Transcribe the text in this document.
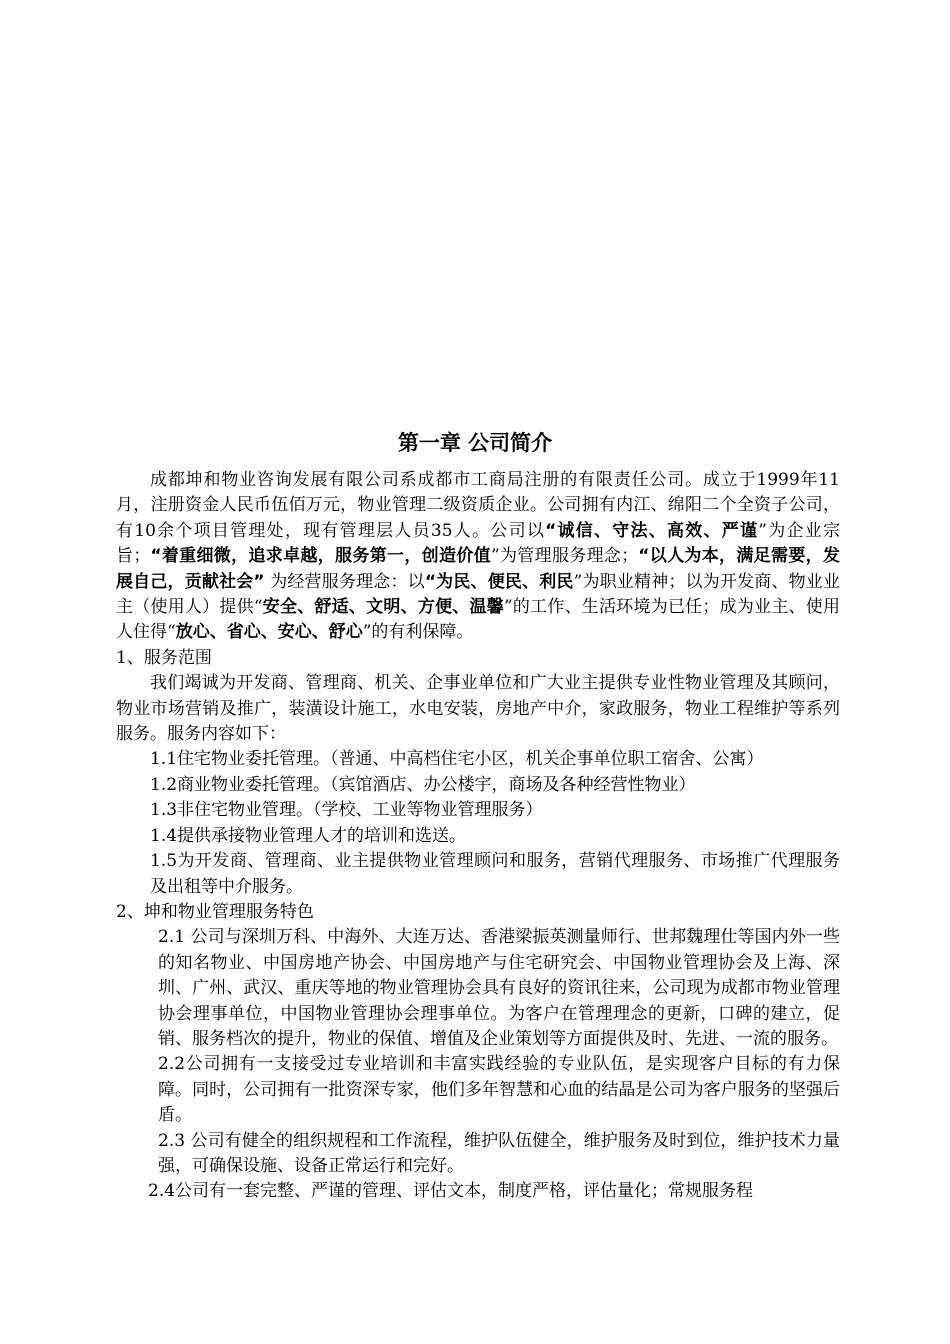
第一章 公司简介

成都坤和物业咨询发展有限公司系成都市工商局注册的有限责任公司。成立于1999年11月，注册资金人民币伍佰万元，物业管理二级资质企业。公司拥有内江、绵阳二个全资子公司，有10余个项目管理处，现有管理层人员35人。公司以“诚信、守法、高效、严谨”为企业宗旨；“着重细微，追求卓越，服务第一，创造价值”为管理服务理念；“以人为本，满足需要，发展自己，贡献社会” 为经营服务理念：以“为民、便民、利民”为职业精神；以为开发商、物业业主（使用人）提供“安全、舒适、文明、方便、温馨”的工作、生活环境为已任；成为业主、使用人住得“放心、省心、安心、舒心”的有利保障。

1、服务范围

我们竭诚为开发商、管理商、机关、企事业单位和广大业主提供专业性物业管理及其顾问，物业市场营销及推广，装潢设计施工，水电安装，房地产中介，家政服务，物业工程维护等系列服务。服务内容如下：

1.1住宅物业委托管理。（普通、中高档住宅小区，机关企事单位职工宿舍、公寓）

1.2商业物业委托管理。（宾馆酒店、办公楼宇，商场及各种经营性物业）

1.3非住宅物业管理。（学校、工业等物业管理服务）

1.4提供承接物业管理人才的培训和选送。

1.5为开发商、管理商、业主提供物业管理顾问和服务，营销代理服务、市场推广代理服务及出租等中介服务。

2、坤和物业管理服务特色

2.1 公司与深圳万科、中海外、大连万达、香港梁振英测量师行、世邦魏理仕等国内外一些的知名物业、中国房地产协会、中国房地产与住宅研究会、中国物业管理协会及上海、深圳、广州、武汉、重庆等地的物业管理协会具有良好的资讯往来，公司现为成都市物业管理协会理事单位，中国物业管理协会理事单位。为客户在管理理念的更新，口碑的建立，促销、服务档次的提升，物业的保值、增值及企业策划等方面提供及时、先进、一流的服务。

2.2公司拥有一支接受过专业培训和丰富实践经验的专业队伍，是实现客户目标的有力保障。同时，公司拥有一批资深专家，他们多年智慧和心血的结晶是公司为客户服务的坚强后盾。

2.3 公司有健全的组织规程和工作流程，维护队伍健全，维护服务及时到位，维护技术力量强，可确保设施、设备正常运行和完好。

2.4公司有一套完整、严谨的管理、评估文本，制度严格，评估量化；常规服务程
